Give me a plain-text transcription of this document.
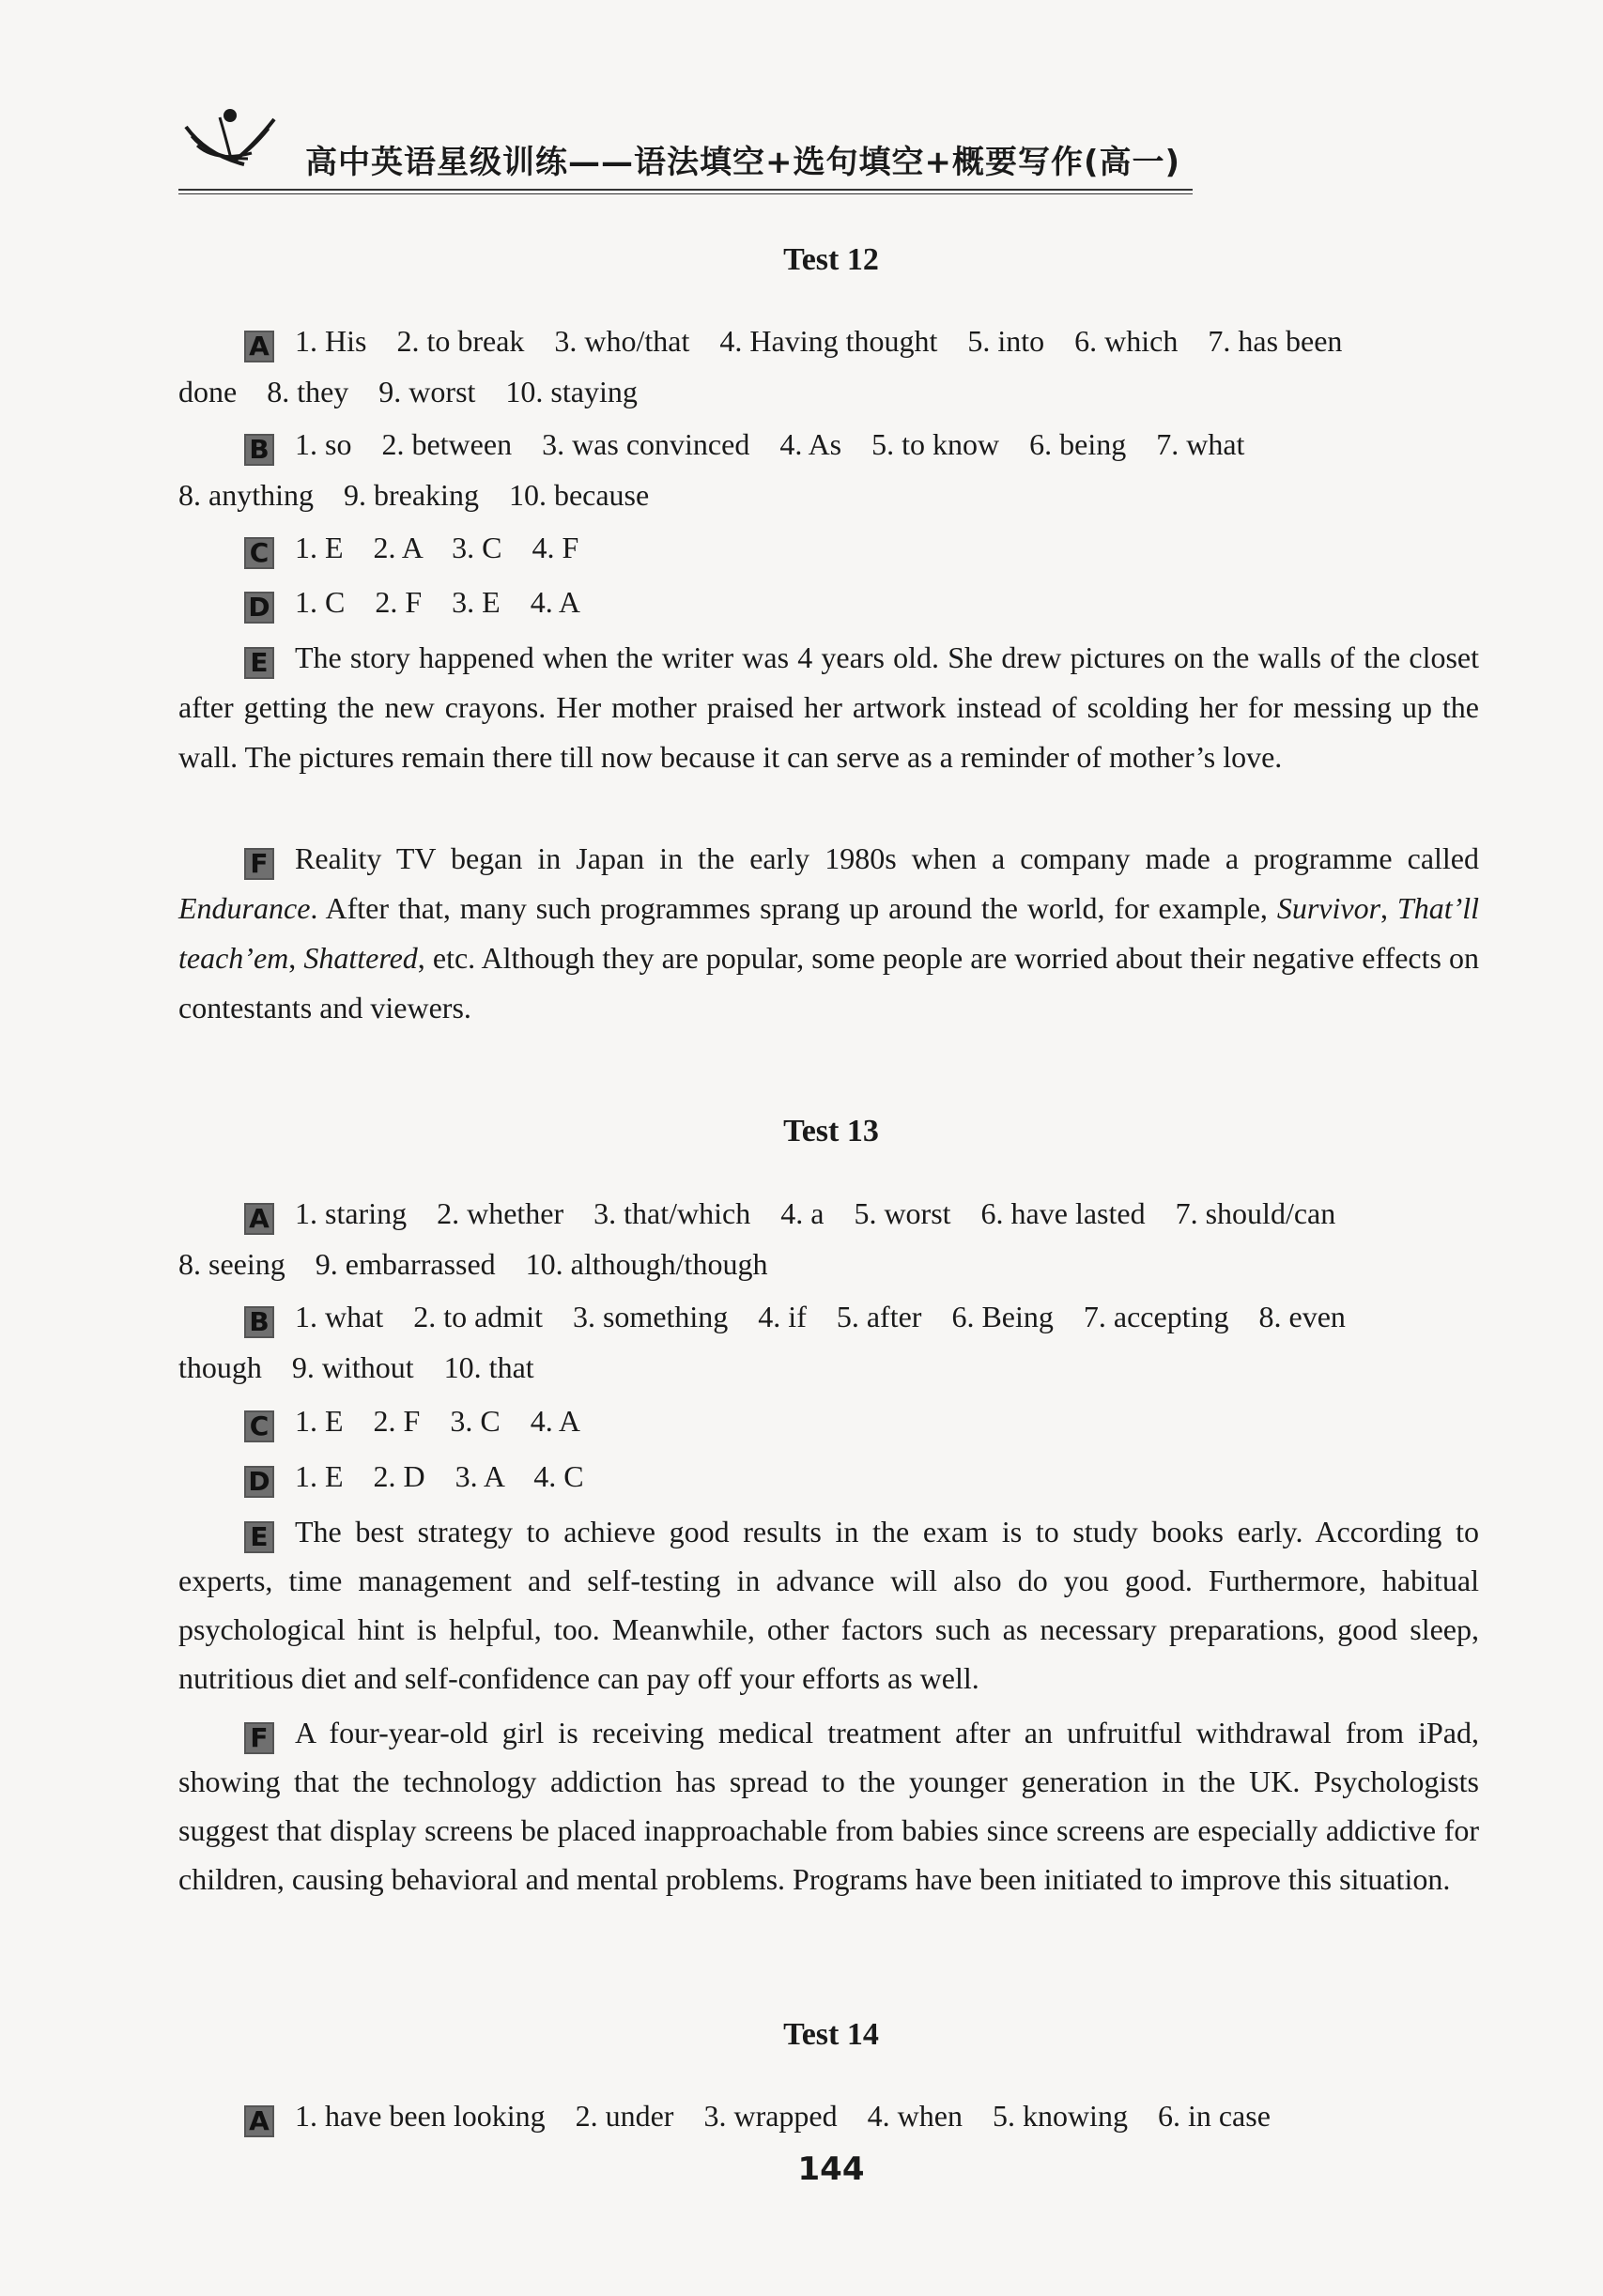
高中英语星级训练——语法填空+选句填空+概要写作(高一)
Test 12
A 1. His    2. to break    3. who/that    4. Having thought    5. into    6. which    7. has been
done    8. they    9. worst    10. staying
B 1. so    2. between    3. was convinced    4. As    5. to know    6. being    7. what
8. anything    9. breaking    10. because
C 1. E    2. A    3. C    4. F
D 1. C    2. F    3. E    4. A
E The story happened when the writer was 4 years old. She drew pictures on the walls of the closet after getting the new crayons. Her mother praised her artwork instead of scolding her for messing up the wall. The pictures remain there till now because it can serve as a reminder of mother’s love.
F Reality TV began in Japan in the early 1980s when a company made a programme called Endurance. After that, many such programmes sprang up around the world, for example, Survivor, That’ll teach’em, Shattered, etc. Although they are popular, some people are worried about their negative effects on contestants and viewers.
Test 13
A 1. staring    2. whether    3. that/which    4. a    5. worst    6. have lasted    7. should/can
8. seeing    9. embarrassed    10. although/though
B 1. what    2. to admit    3. something    4. if    5. after    6. Being    7. accepting    8. even
though    9. without    10. that
C 1. E    2. F    3. C    4. A
D 1. E    2. D    3. A    4. C
E The best strategy to achieve good results in the exam is to study books early. According to experts, time management and self-testing in advance will also do you good. Furthermore, habitual psychological hint is helpful, too. Meanwhile, other factors such as necessary preparations, good sleep, nutritious diet and self-confidence can pay off your efforts as well.
F A four-year-old girl is receiving medical treatment after an unfruitful withdrawal from iPad, showing that the technology addiction has spread to the younger generation in the UK. Psychologists suggest that display screens be placed inapproachable from babies since screens are especially addictive for children, causing behavioral and mental problems. Programs have been initiated to improve this situation.
Test 14
A 1. have been looking    2. under    3. wrapped    4. when    5. knowing    6. in case
144
